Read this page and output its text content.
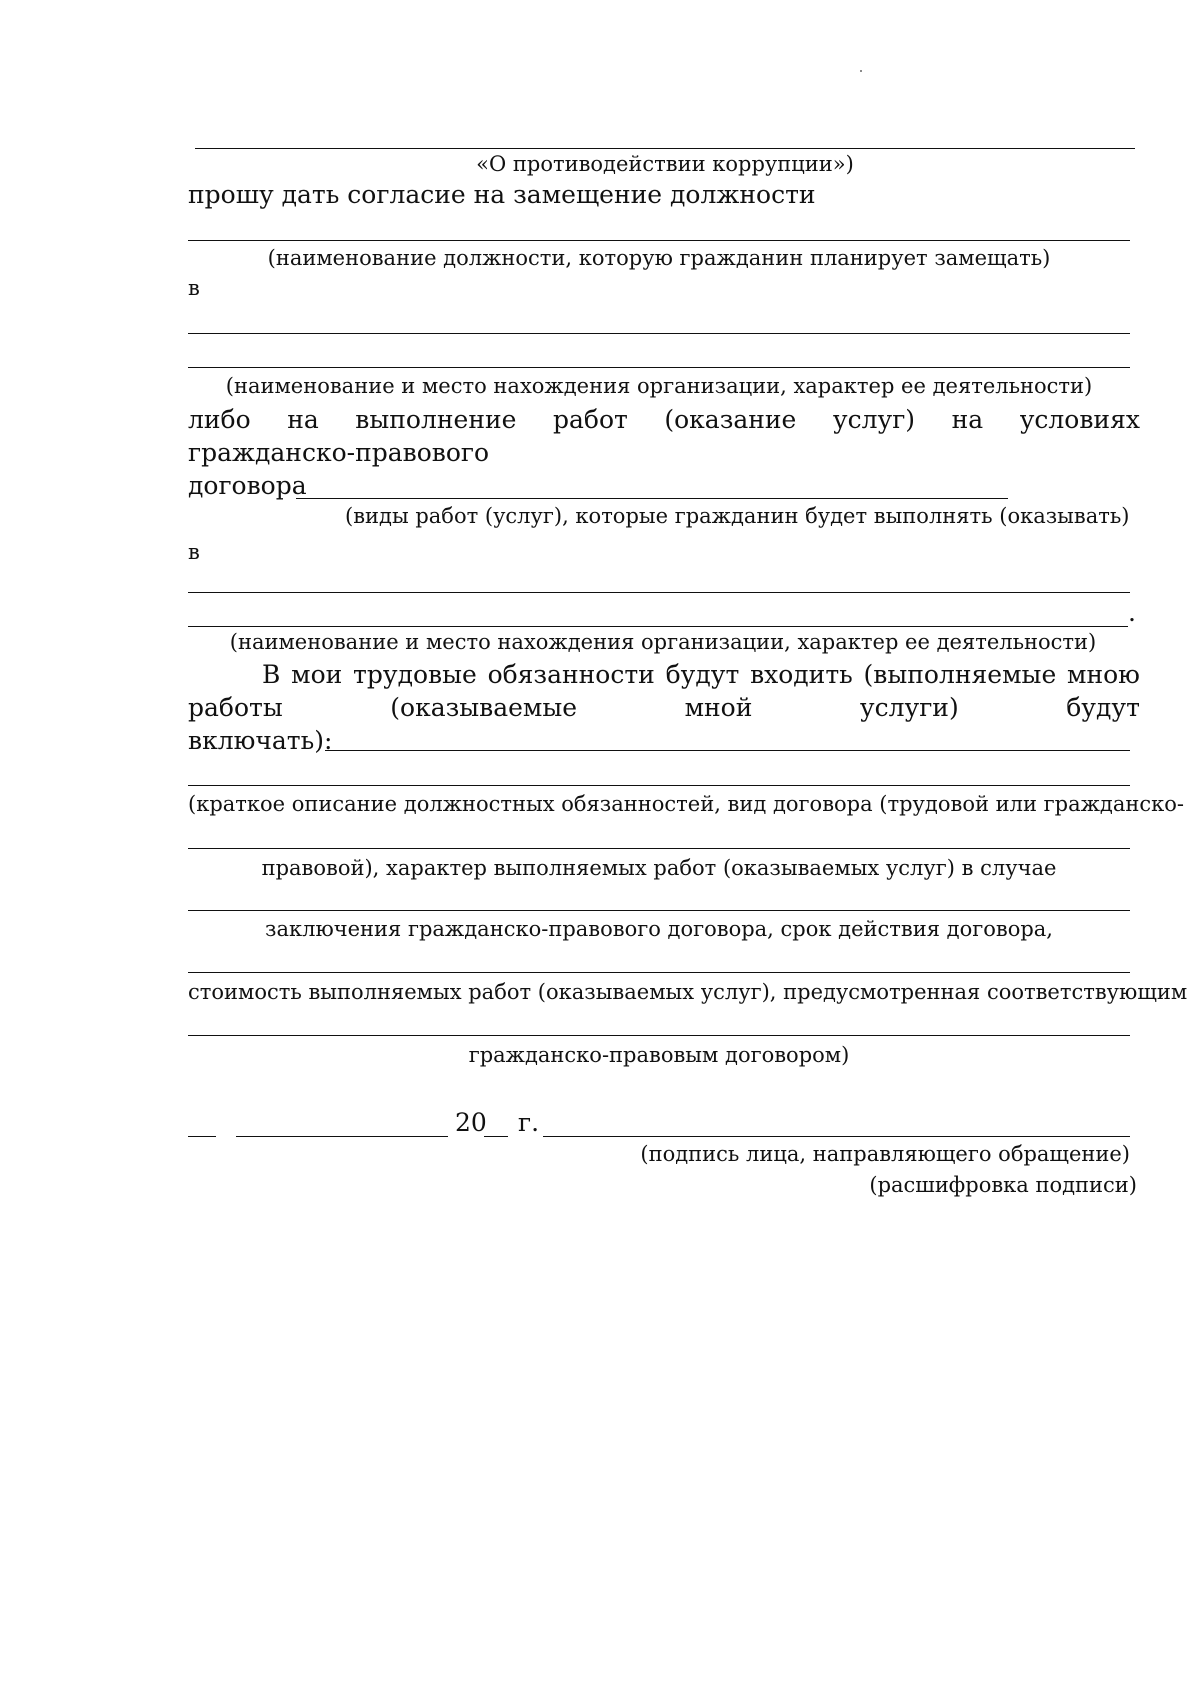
«О противодействии коррупции»)
прошу дать согласие на замещение должности
(наименование должности, которую гражданин планирует замещать)
в
(наименование и место нахождения организации, характер ее деятельности)
либо на выполнение работ (оказание услуг) на условиях
гражданско-правового
договора
(виды работ (услуг), которые гражданин будет выполнять (оказывать)
в
.
(наименование и место нахождения организации, характер ее деятельности)
В мои трудовые обязанности будут входить (выполняемые мною
работы	(оказываемые	мной	услуги)	будут
включать):
(краткое описание должностных обязанностей, вид договора (трудовой или гражданско-
правовой), характер выполняемых работ (оказываемых услуг) в случае
заключения гражданско-правового договора, срок действия договора,
стоимость выполняемых работ (оказываемых услуг), предусмотренная соответствующим
гражданско-правовым договором)
20 г.
(подпись лица, направляющего обращение)
(расшифровка подписи)
